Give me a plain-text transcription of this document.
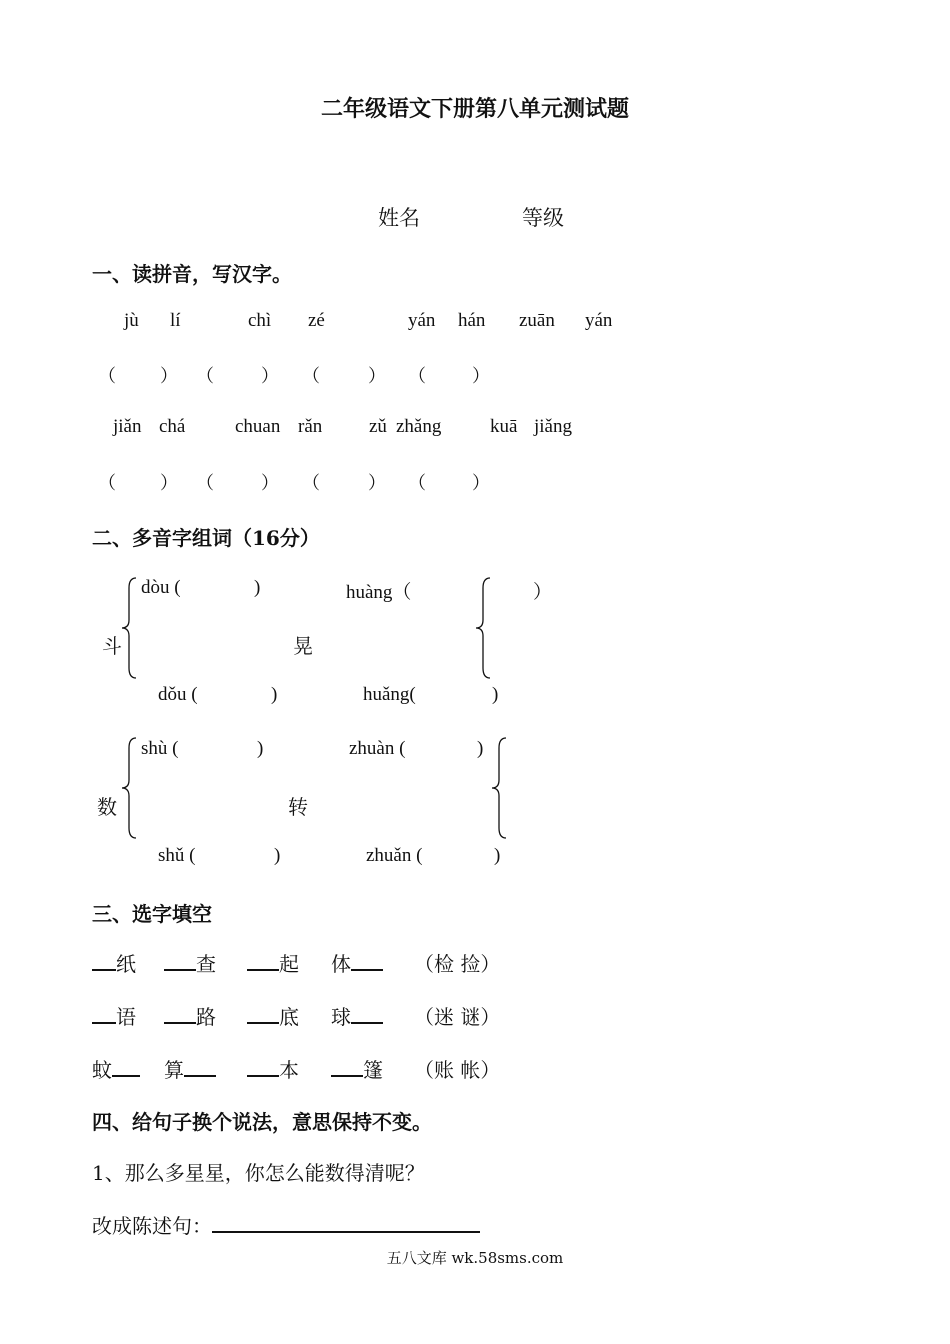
二年级语文下册第八单元测试题
姓名	等级
一、读拼音，写汉字。
jù lí	chì zé	yán hán zuān yán
（ ） （	） （	） （	）
jiǎn chá	chuan rǎn zǔ zhǎng	kuā jiǎng
（ ） （	） （	） （	）
二、多音字组词（16分）
斗
dòu (	)
dǒu (	)
晃
huàng（	）
huǎng(	)
数
shù (	)
shǔ (	)
转
zhuàn (	)
zhuǎn (	)
三、选字填空
纸	查	起 体	（检 捡）
语	路	底 球	（迷 谜）
蚊	算	本	篷 （账 帐）
四、给句子换个说法，意思保持不变。
1、那么多星星，你怎么能数得清呢？
改成陈述句：
五八文库 wk.58sms.com
